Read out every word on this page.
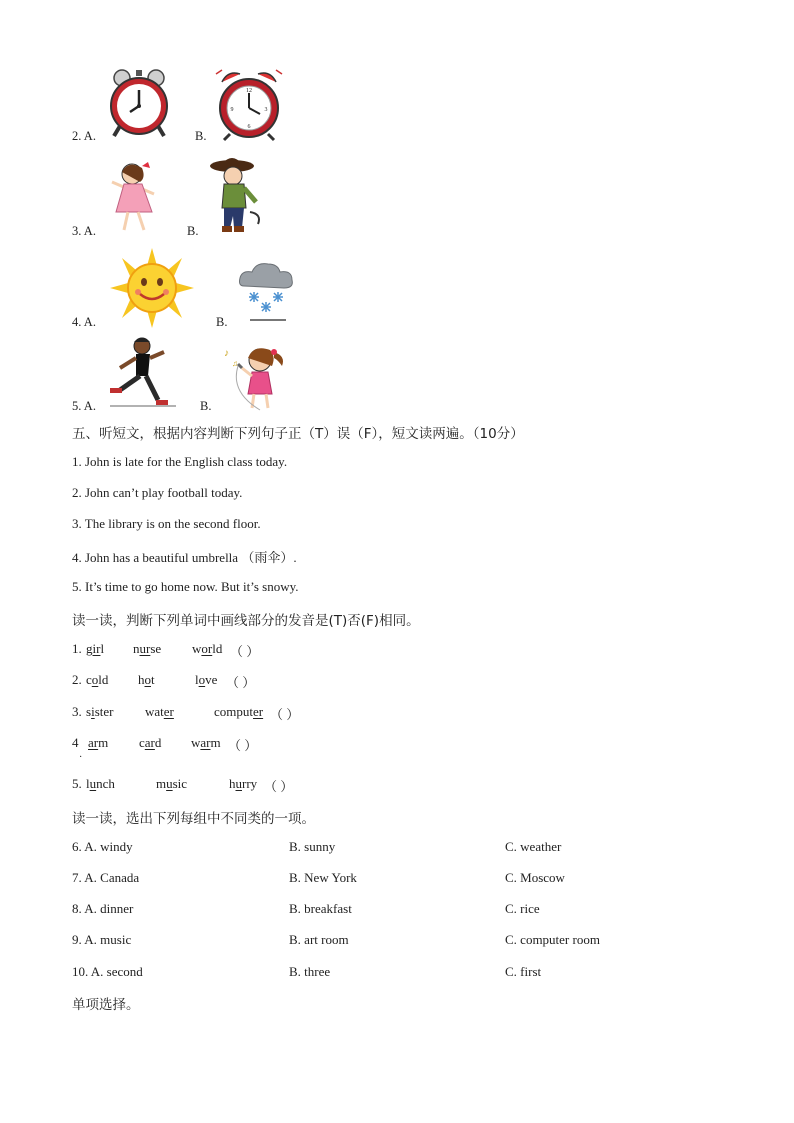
2. A.	B.
12
3
6
9
3. A.	B.
4. A.	B.
5. A.	B.
♪
♫
五、听短文，根据内容判断下列句子正（T）误（F），短文读两遍。（10分）
1. John is late for the English class today.
2. John can’t play football today.
3. The library is on the second floor.
4. John has a beautiful umbrella （雨伞）.
5. It’s time to go home now. But it’s snowy.
读一读，判断下列单词中画线部分的发音是(T)否(F)相同。
1. girl nurse world （ ）
2. cold hot	love （ ）
3. sister water	computer （ ）
4
·
arm card warm （ ）
5. lunch	music	hurry （ ）
读一读，选出下列每组中不同类的一项。
6. A. windy	B. sunny	C. weather
7. A. Canada	B. New York	C. Moscow
8. A. dinner	B. breakfast	C. rice
9. A. music	B. art room	C. computer room
10. A. second	B. three	C. first
单项选择。
